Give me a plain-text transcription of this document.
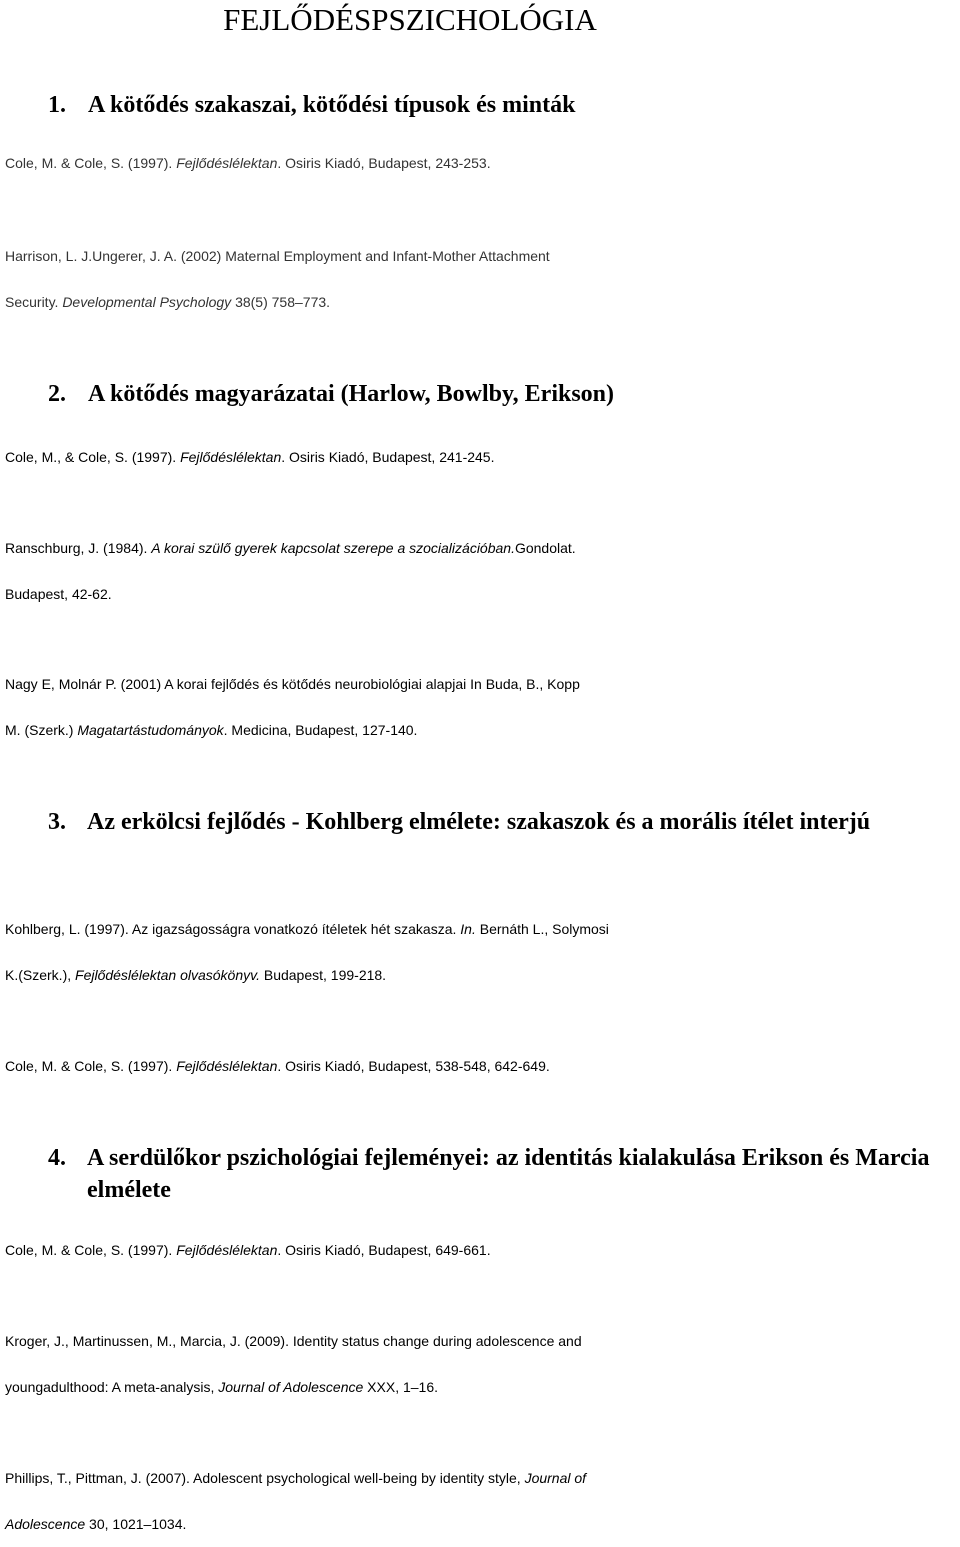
FEJLŐDÉSPSZICHOLÓGIA
1. A kötődés szakaszai, kötődési típusok és minták
Cole, M. & Cole, S. (1997). Fejlődéslélektan. Osiris Kiadó, Budapest, 243-253.
Harrison, L. J.Ungerer, J. A. (2002) Maternal Employment and Infant-Mother Attachment
Security. Developmental Psychology 38(5) 758–773.
2. A kötődés magyarázatai (Harlow, Bowlby, Erikson)
Cole, M., & Cole, S. (1997). Fejlődéslélektan. Osiris Kiadó, Budapest, 241-245.
Ranschburg, J. (1984). A korai szülő gyerek kapcsolat szerepe a szocializációban.Gondolat.
Budapest, 42-62.
Nagy E, Molnár P. (2001) A korai fejlődés és kötődés neurobiológiai alapjai In Buda, B., Kopp
M. (Szerk.) Magatartástudományok. Medicina, Budapest, 127-140.
3. Az erkölcsi fejlődés - Kohlberg elmélete: szakaszok és a morális ítélet interjú
Kohlberg, L. (1997). Az igazságosságra vonatkozó ítéletek hét szakasza. In. Bernáth L., Solymosi
K.(Szerk.), Fejlődéslélektan olvasókönyv. Budapest, 199-218.
Cole, M. & Cole, S. (1997). Fejlődéslélektan. Osiris Kiadó, Budapest, 538-548, 642-649.
4. A serdülőkor pszichológiai fejleményei: az identitás kialakulása Erikson és Marcia elmélete
Cole, M. & Cole, S. (1997). Fejlődéslélektan. Osiris Kiadó, Budapest, 649-661.
Kroger, J., Martinussen, M., Marcia, J. (2009). Identity status change during adolescence and
youngadulthood: A meta-analysis, Journal of Adolescence XXX, 1–16.
Phillips, T., Pittman, J. (2007). Adolescent psychological well-being by identity style, Journal of
Adolescence 30, 1021–1034.
